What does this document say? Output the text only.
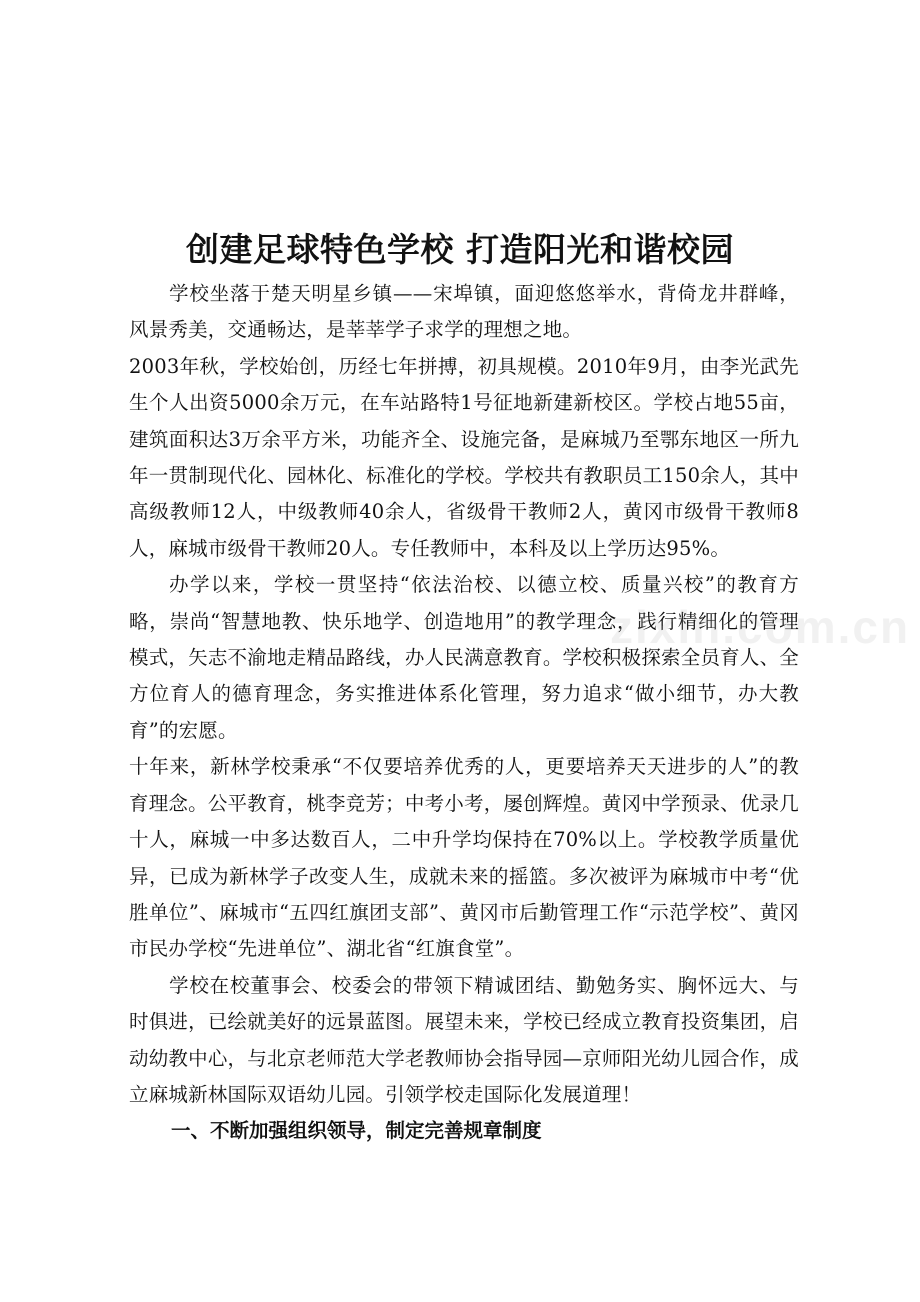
创建足球特色学校 打造阳光和谐校园

学校坐落于楚天明星乡镇——宋埠镇，面迎悠悠举水，背倚龙井群峰，风景秀美，交通畅达，是莘莘学子求学的理想之地。

2003年秋，学校始创，历经七年拼搏，初具规模。2010年9月，由李光武先生个人出资5000余万元，在车站路特1号征地新建新校区。学校占地55亩，建筑面积达3万余平方米，功能齐全、设施完备，是麻城乃至鄂东地区一所九年一贯制现代化、园林化、标准化的学校。学校共有教职员工150余人，其中高级教师12人，中级教师40余人，省级骨干教师2人，黄冈市级骨干教师8人，麻城市级骨干教师20人。专任教师中，本科及以上学历达95%。

办学以来，学校一贯坚持“依法治校、以德立校、质量兴校”的教育方略，崇尚“智慧地教、快乐地学、创造地用”的教学理念，践行精细化的管理模式，矢志不渝地走精品路线，办人民满意教育。学校积极探索全员育人、全方位育人的德育理念，务实推进体系化管理，努力追求“做小细节，办大教育”的宏愿。

十年来，新林学校秉承“不仅要培养优秀的人，更要培养天天进步的人”的教育理念。公平教育，桃李竞芳；中考小考，屡创辉煌。黄冈中学预录、优录几十人，麻城一中多达数百人，二中升学均保持在70%以上。学校教学质量优异，已成为新林学子改变人生，成就未来的摇篮。多次被评为麻城市中考“优胜单位”、麻城市“五四红旗团支部”、黄冈市后勤管理工作“示范学校”、黄冈市民办学校“先进单位”、湖北省“红旗食堂”。

学校在校董事会、校委会的带领下精诚团结、勤勉务实、胸怀远大、与时俱进，已绘就美好的远景蓝图。展望未来，学校已经成立教育投资集团，启动幼教中心，与北京老师范大学老教师协会指导园—京师阳光幼儿园合作，成立麻城新林国际双语幼儿园。引领学校走国际化发展道理！

一、不断加强组织领导，制定完善规章制度

zixin.com.cn
